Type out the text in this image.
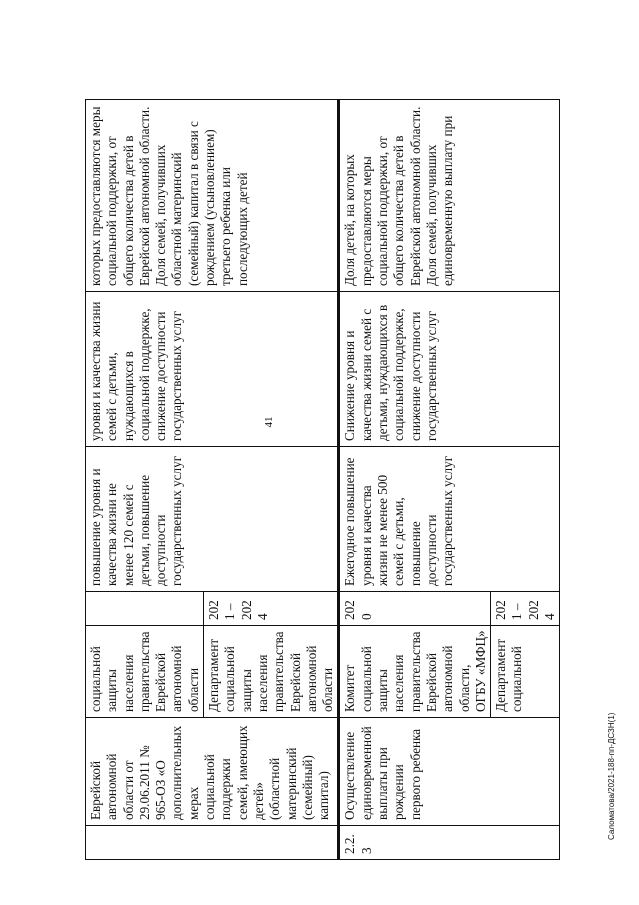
41
Саломатова/2021-188-пп-ДСЗН(1)
	Еврейской автономной области от 29.06.2011 № 965-ОЗ «О дополнительных мерах социальной поддержки семей, имеющих детей» (областной материнский (семейный) капитал)	социальной защиты населения правительства Еврейской автономной области		повышение уровня и качества жизни не менее 120 семей с детьми, повышение доступности государственных услуг	уровня и качества жизни семей с детьми, нуждающихся в социальной поддержке, снижение доступности государственных услуг	которых предоставляются меры социальной поддержки, от общего количества детей в Еврейской автономной области. Доля семей, получивших областной материнский (семейный) капитал в связи с рождением (усыновлением) третьего ребенка или последующих детей
		Департамент социальной защиты населения правительства Еврейской автономной области	2021 – 2024			
2.2.3	Осуществление единовременной выплаты при рождении первого ребенка	Комитет социальной защиты населения правительства Еврейской автономной области, ОГБУ «МФЦ»	2020	Ежегодное повышение уровня и качества жизни не менее 500 семей с детьми, повышение доступности государственных услуг	Снижение уровня и качества жизни семей с детьми, нуждающихся в социальной поддержке, снижение доступности государственных услуг	Доля детей, на которых предоставляются меры социальной поддержки, от общего количества детей в Еврейской автономной области. Доля семей, получивших единовременную выплату при
		Департамент социальной	2021 – 2024			
